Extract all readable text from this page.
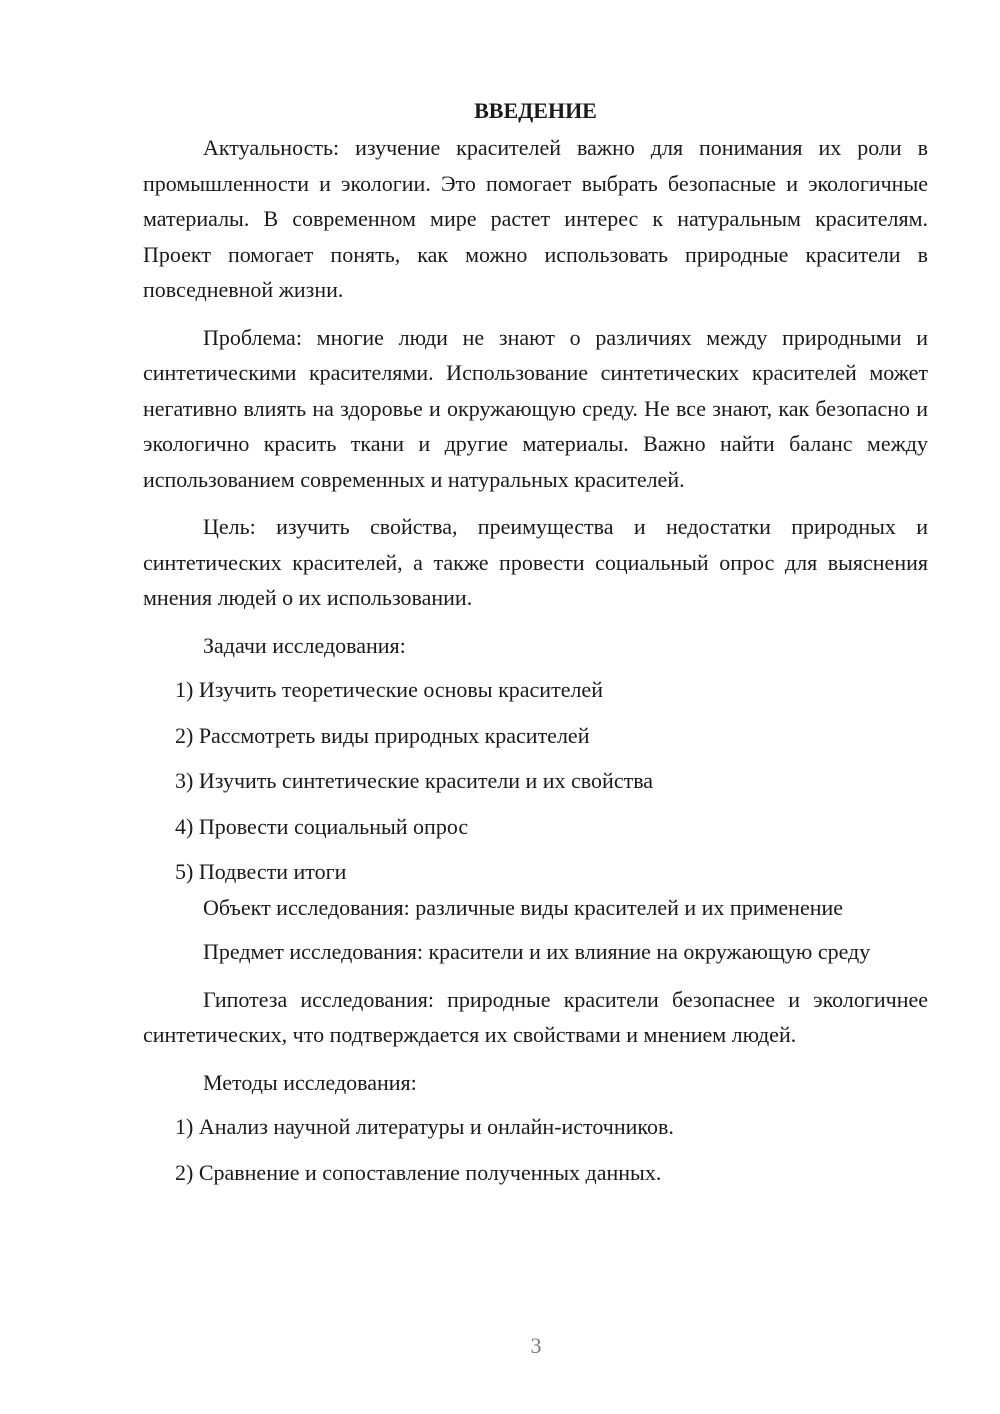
ВВЕДЕНИЕ

Актуальность: изучение красителей важно для понимания их роли в промышленности и экологии. Это помогает выбрать безопасные и экологичные материалы. В современном мире растет интерес к натуральным красителям. Проект помогает понять, как можно использовать природные красители в повседневной жизни.

Проблема: многие люди не знают о различиях между природными и синтетическими красителями. Использование синтетических красителей может негативно влиять на здоровье и окружающую среду. Не все знают, как безопасно и экологично красить ткани и другие материалы. Важно найти баланс между использованием современных и натуральных красителей.

Цель: изучить свойства, преимущества и недостатки природных и синтетических красителей, а также провести социальный опрос для выяснения мнения людей о их использовании.

Задачи исследования:
1) Изучить теоретические основы красителей
2) Рассмотреть виды природных красителей
3) Изучить синтетические красители и их свойства
4) Провести социальный опрос
5) Подвести итоги
Объект исследования: различные виды красителей и их применение

Предмет исследования: красители и их влияние на окружающую среду

Гипотеза исследования: природные красители безопаснее и экологичнее синтетических, что подтверждается их свойствами и мнением людей.

Методы исследования:
1) Анализ научной литературы и онлайн-источников.
2) Сравнение и сопоставление полученных данных.
3
